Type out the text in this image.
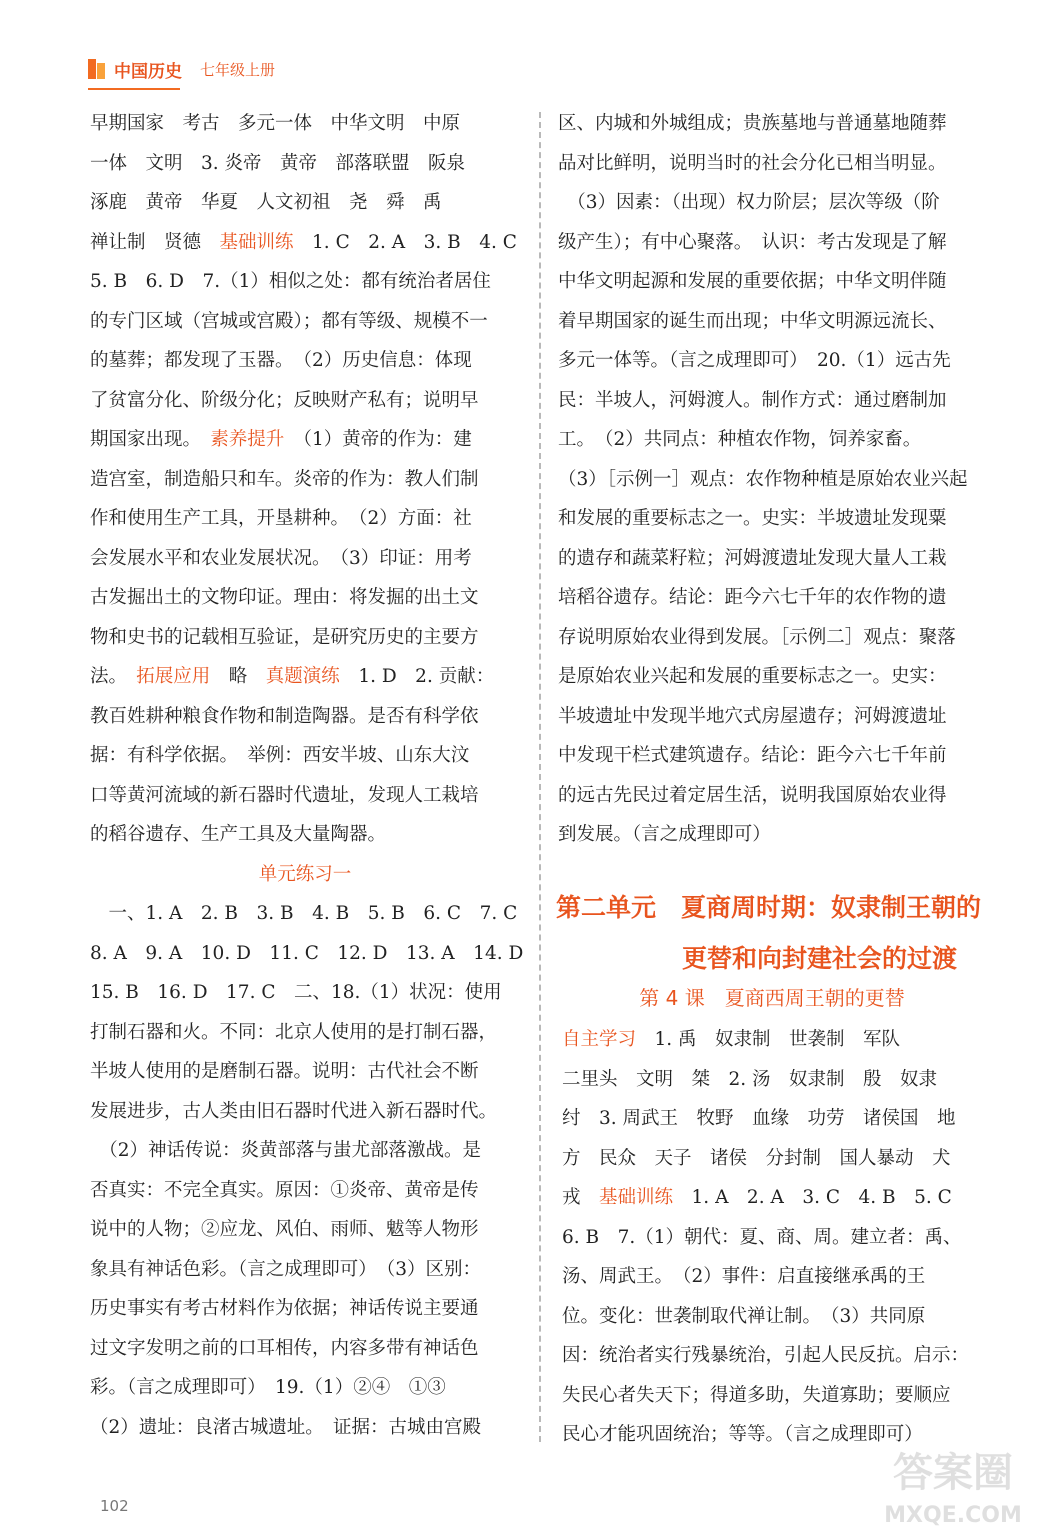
中国历史 七年级上册
早期国家　考古　多元一体　中华文明　中原
一体　文明　3. 炎帝　黄帝　部落联盟　阪泉
涿鹿　黄帝　华夏　人文初祖　尧　舜　禹
禅让制　贤德　基础训练　1. C　2. A　3. B　4. C
5. B　6. D　7.（1）相似之处：都有统治者居住
的专门区域（宫城或宫殿）；都有等级、规模不一
的墓葬；都发现了玉器。　（2）历史信息：体现
了贫富分化、阶级分化；反映财产私有；说明早
期国家出现。　素养提升　（1）黄帝的作为：建
造宫室，制造船只和车。炎帝的作为：教人们制
作和使用生产工具，开垦耕种。　（2）方面：社
会发展水平和农业发展状况。　（3）印证：用考
古发掘出土的文物印证。理由：将发掘的出土文
物和史书的记载相互验证，是研究历史的主要方
法。　拓展应用　略　真题演练　1. D　2. 贡献：
教百姓耕种粮食作物和制造陶器。是否有科学依
据：有科学依据。　举例：西安半坡、山东大汶
口等黄河流域的新石器时代遗址，发现人工栽培
的稻谷遗存、生产工具及大量陶器。
单元练习一
　一、1. A　2. B　3. B　4. B　5. B　6. C　7. C
8. A　9. A　10. D　11. C　12. D　13. A　14. D
15. B　16. D　17. C　二、18.（1）状况：使用
打制石器和火。不同：北京人使用的是打制石器，
半坡人使用的是磨制石器。说明：古代社会不断
发展进步，古人类由旧石器时代进入新石器时代。
　（2）神话传说：炎黄部落与蚩尤部落激战。是
否真实：不完全真实。原因：①炎帝、黄帝是传
说中的人物；②应龙、风伯、雨师、魃等人物形
象具有神话色彩。（言之成理即可）　（3）区别：
历史事实有考古材料作为依据；神话传说主要通
过文字发明之前的口耳相传，内容多带有神话色
彩。（言之成理即可）　19.（1）②④　①③
（2）遗址：良渚古城遗址。　证据：古城由宫殿
区、内城和外城组成；贵族墓地与普通墓地随葬
品对比鲜明，说明当时的社会分化已相当明显。
　（3）因素：（出现）权力阶层；层次等级（阶
级产生）；有中心聚落。　认识：考古发现是了解
中华文明起源和发展的重要依据；中华文明伴随
着早期国家的诞生而出现；中华文明源远流长、
多元一体等。（言之成理即可）　20.（1）远古先
民：半坡人，河姆渡人。制作方式：通过磨制加
工。　（2）共同点：种植农作物，饲养家畜。
（3）［示例一］观点：农作物种植是原始农业兴起
和发展的重要标志之一。史实：半坡遗址发现粟
的遗存和蔬菜籽粒；河姆渡遗址发现大量人工栽
培稻谷遗存。结论：距今六七千年的农作物的遗
存说明原始农业得到发展。［示例二］观点：聚落
是原始农业兴起和发展的重要标志之一。史实：
半坡遗址中发现半地穴式房屋遗存；河姆渡遗址
中发现干栏式建筑遗存。结论：距今六七千年前
的远古先民过着定居生活，说明我国原始农业得
到发展。（言之成理即可）
第二单元　夏商周时期：奴隶制王朝的
更替和向封建社会的过渡
第 4 课　夏商西周王朝的更替
自主学习　1. 禹　奴隶制　世袭制　军队
二里头　文明　桀　2. 汤　奴隶制　殷　奴隶
纣　3. 周武王　牧野　血缘　功劳　诸侯国　地
方　民众　天子　诸侯　分封制　国人暴动　犬
戎　基础训练　1. A　2. A　3. C　4. B　5. C
6. B　7.（1）朝代：夏、商、周。建立者：禹、
汤、周武王。　（2）事件：启直接继承禹的王
位。变化：世袭制取代禅让制。　（3）共同原
因：统治者实行残暴统治，引起人民反抗。启示：
失民心者失天下；得道多助，失道寡助；要顺应
民心才能巩固统治；等等。（言之成理即可）
102
答案圈
MXQE.COM
